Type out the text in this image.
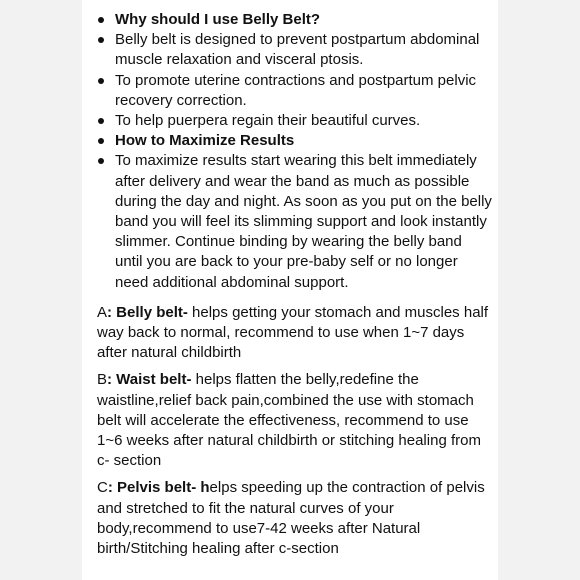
Why should I use Belly Belt?
Belly belt is designed to prevent postpartum abdominal muscle relaxation and visceral ptosis.
To promote uterine contractions and postpartum pelvic recovery correction.
To help puerpera regain their beautiful curves.
How to Maximize Results
To maximize results start wearing this belt immediately after delivery and wear the band as much as possible during the day and night. As soon as you put on the belly band you will feel its slimming support and look instantly slimmer. Continue binding by wearing the belly band until you are back to your pre-baby self or no longer need additional abdominal support.
A: Belly belt- helps getting your stomach and muscles half way back to normal, recommend to use when 1~7 days after natural childbirth
B: Waist belt- helps flatten the belly,redefine the waistline,relief back pain,combined the use with stomach belt will accelerate the effectiveness, recommend to use 1~6 weeks after natural childbirth or stitching healing from c- section
C: Pelvis belt- helps speeding up the contraction of pelvis and stretched to fit the natural curves of your body,recommend to use7-42 weeks after Natural birth/Stitching healing after c-section
